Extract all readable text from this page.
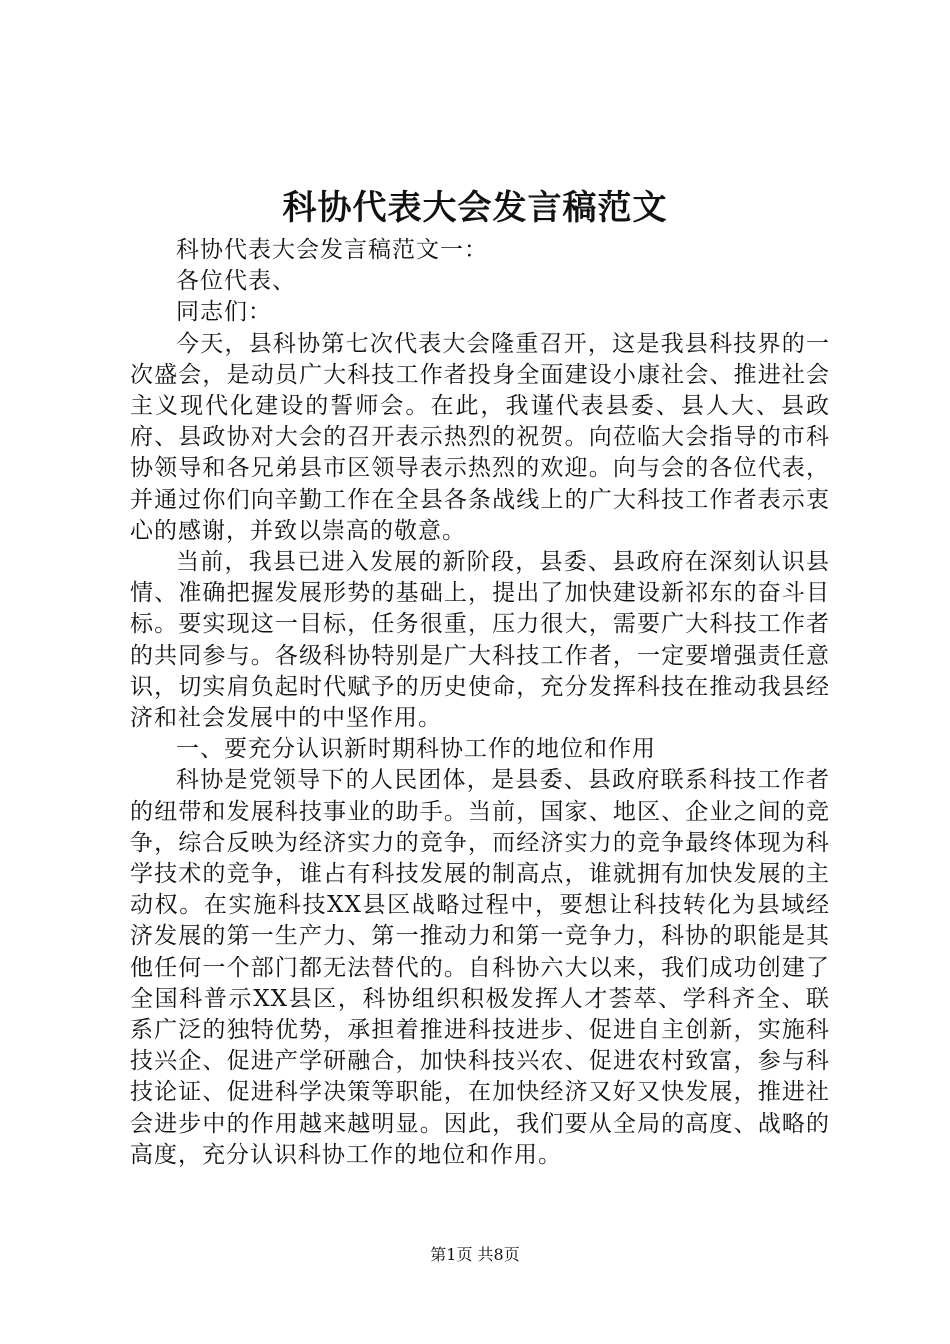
科协代表大会发言稿范文

科协代表大会发言稿范文一：

各位代表、

同志们：

今天，县科协第七次代表大会隆重召开，这是我县科技界的一次盛会，是动员广大科技工作者投身全面建设小康社会、推进社会主义现代化建设的誓师会。在此，我谨代表县委、县人大、县政府、县政协对大会的召开表示热烈的祝贺。向莅临大会指导的市科协领导和各兄弟县市区领导表示热烈的欢迎。向与会的各位代表，并通过你们向辛勤工作在全县各条战线上的广大科技工作者表示衷心的感谢，并致以崇高的敬意。

当前，我县已进入发展的新阶段，县委、县政府在深刻认识县情、准确把握发展形势的基础上，提出了加快建设新祁东的奋斗目标。要实现这一目标，任务很重，压力很大，需要广大科技工作者的共同参与。各级科协特别是广大科技工作者，一定要增强责任意识，切实肩负起时代赋予的历史使命，充分发挥科技在推动我县经济和社会发展中的中坚作用。

一、要充分认识新时期科协工作的地位和作用

科协是党领导下的人民团体，是县委、县政府联系科技工作者的纽带和发展科技事业的助手。当前，国家、地区、企业之间的竞争，综合反映为经济实力的竞争，而经济实力的竞争最终体现为科学技术的竞争，谁占有科技发展的制高点，谁就拥有加快发展的主动权。在实施科技XX县区战略过程中，要想让科技转化为县域经济发展的第一生产力、第一推动力和第一竞争力，科协的职能是其他任何一个部门都无法替代的。自科协六大以来，我们成功创建了全国科普示XX县区，科协组织积极发挥人才荟萃、学科齐全、联系广泛的独特优势，承担着推进科技进步、促进自主创新，实施科技兴企、促进产学研融合，加快科技兴农、促进农村致富，参与科技论证、促进科学决策等职能，在加快经济又好又快发展，推进社会进步中的作用越来越明显。因此，我们要从全局的高度、战略的高度，充分认识科协工作的地位和作用。

第1页 共8页
